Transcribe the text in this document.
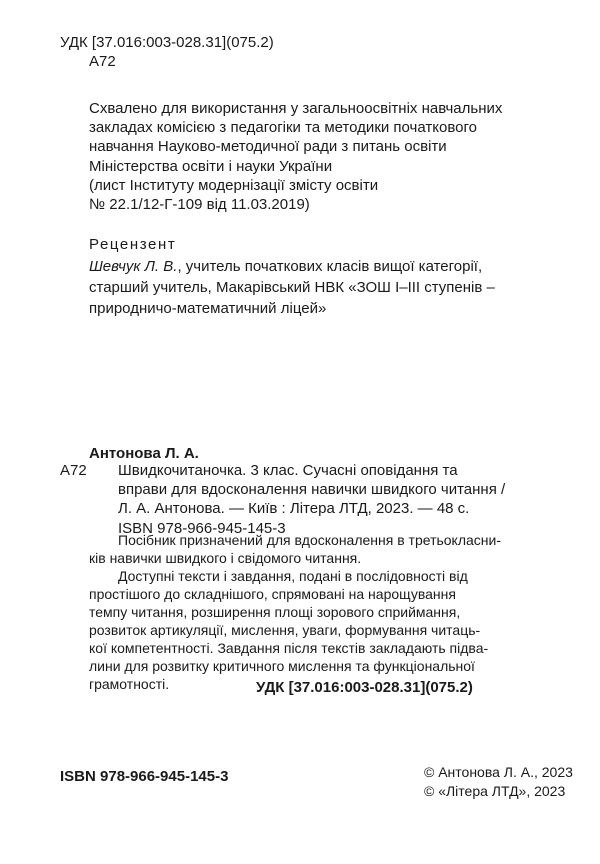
УДК [37.016:003-028.31](075.2)
А72
Схвалено для використання у загальноосвітніх навчальних
закладах комісією з педагогіки та методики початкового
навчання Науково-методичної ради з питань освіти
Міністерства освіти і науки України
(лист Інституту модернізації змісту освіти
№ 22.1/12-Г-109 від 11.03.2019)
Рецензент
Шевчук Л. В., учитель початкових класів вищої категорії,
старший учитель, Макарівський НВК «ЗОШ І–ІІІ ступенів –
природничо-математичний ліцей»
Антонова Л. А.
А72 Швидкочитаночка. 3 клас. Сучасні оповідання та
вправи для вдосконалення навички швидкого читання /
Л. А. Антонова. — Київ : Літера ЛТД, 2023. — 48 с.
ISBN 978-966-945-145-3
Посібник призначений для вдосконалення в третьокласни-
ків навички швидкого і свідомого читання.
Доступні тексти і завдання, подані в послідовності від
простішого до складнішого, спрямовані на нарощування
темпу читання, розширення площі зорового сприймання,
розвиток артикуляції, мислення, уваги, формування читаць-
кої компетентності. Завдання після текстів закладають підва-
лини для розвитку критичного мислення та функціональної
грамотності.	УДК [37.016:003-028.31](075.2)
ISBN 978-966-945-145-3	© Антонова Л. А., 2023
© «Літера ЛТД», 2023
